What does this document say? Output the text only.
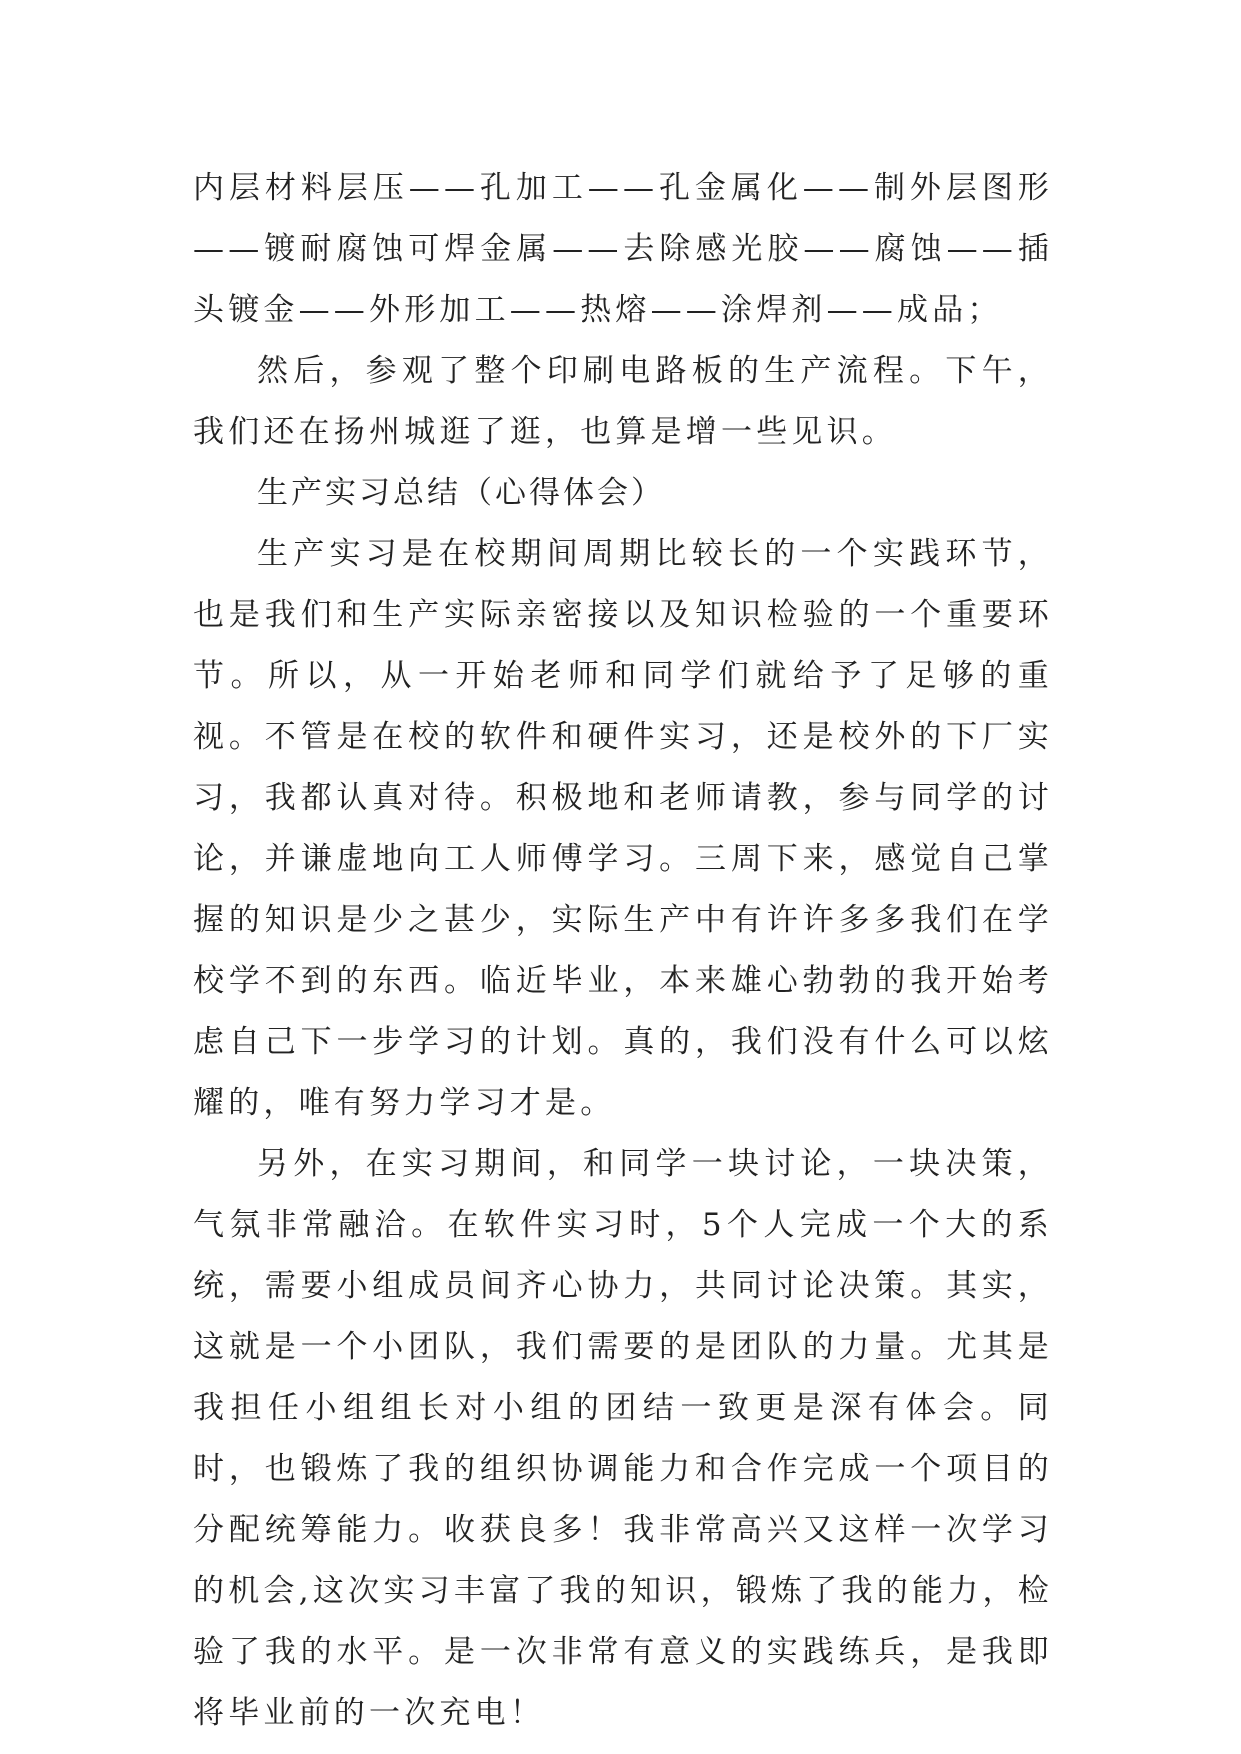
内层材料层压——孔加工——孔金属化——制外层图形——镀耐腐蚀可焊金属——去除感光胶——腐蚀——插头镀金——外形加工——热熔——涂焊剂——成品；

然后，参观了整个印刷电路板的生产流程。下午，我们还在扬州城逛了逛，也算是增一些见识。

生产实习总结（心得体会）

生产实习是在校期间周期比较长的一个实践环节，也是我们和生产实际亲密接以及知识检验的一个重要环节。所以，从一开始老师和同学们就给予了足够的重视。不管是在校的软件和硬件实习，还是校外的下厂实习，我都认真对待。积极地和老师请教，参与同学的讨论，并谦虚地向工人师傅学习。三周下来，感觉自己掌握的知识是少之甚少，实际生产中有许许多多我们在学校学不到的东西。临近毕业，本来雄心勃勃的我开始考虑自己下一步学习的计划。真的，我们没有什么可以炫耀的，唯有努力学习才是。

另外，在实习期间，和同学一块讨论，一块决策，气氛非常融洽。在软件实习时，5个人完成一个大的系统，需要小组成员间齐心协力，共同讨论决策。其实，这就是一个小团队，我们需要的是团队的力量。尤其是我担任小组组长对小组的团结一致更是深有体会。同时，也锻炼了我的组织协调能力和合作完成一个项目的分配统筹能力。收获良多！我非常高兴又这样一次学习的机会,这次实习丰富了我的知识，锻炼了我的能力，检验了我的水平。是一次非常有意义的实践练兵，是我即将毕业前的一次充电！
